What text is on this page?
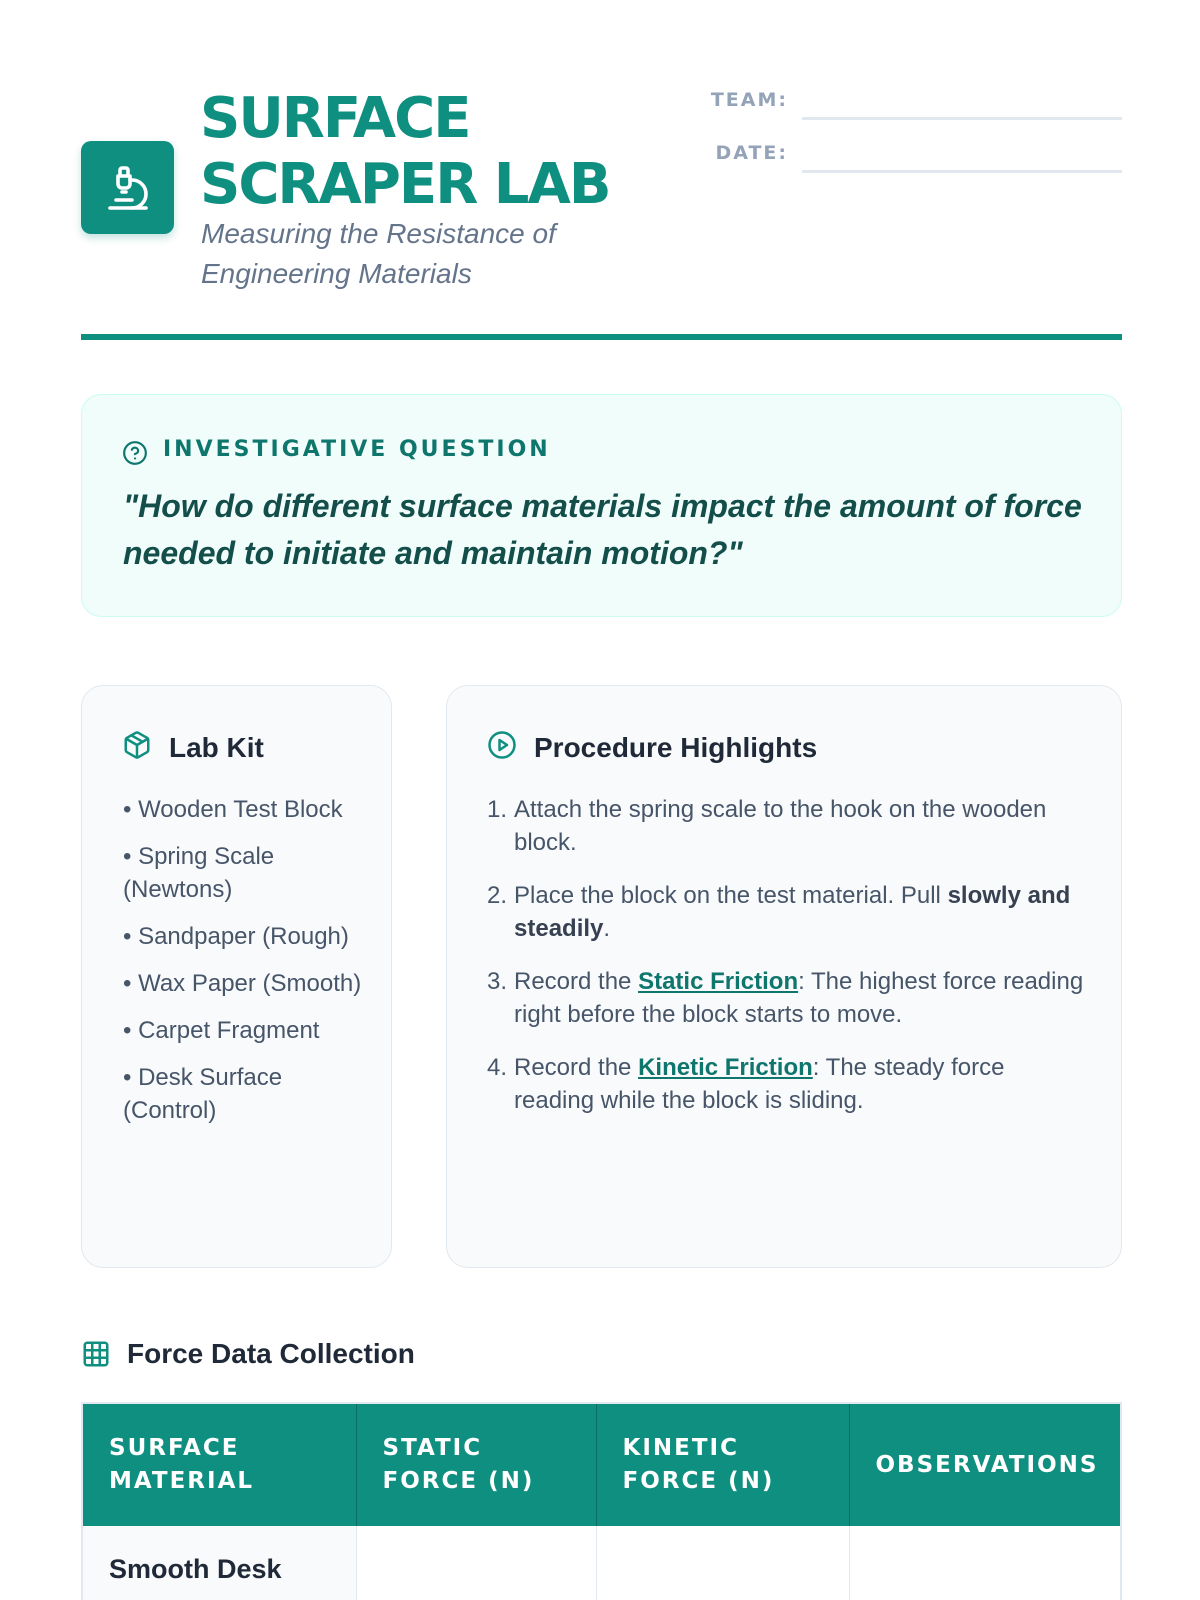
SURFACE
SCRAPER LAB
Measuring the Resistance of
Engineering Materials
TEAM:
DATE:
INVESTIGATIVE QUESTION
"How do different surface materials impact the amount of force needed to initiate and maintain motion?"
Lab Kit
• Wooden Test Block
• Spring Scale (Newtons)
• Sandpaper (Rough)
• Wax Paper (Smooth)
• Carpet Fragment
• Desk Surface (Control)
Procedure Highlights
1. Attach the spring scale to the hook on the wooden block.
2. Place the block on the test material. Pull slowly and steadily.
3. Record the Static Friction: The highest force reading right before the block starts to move.
4. Record the Kinetic Friction: The steady force reading while the block is sliding.
Force Data Collection
SURFACE MATERIAL	STATIC FORCE (N)	KINETIC FORCE (N)	OBSERVATIONS
Smooth Desk			
